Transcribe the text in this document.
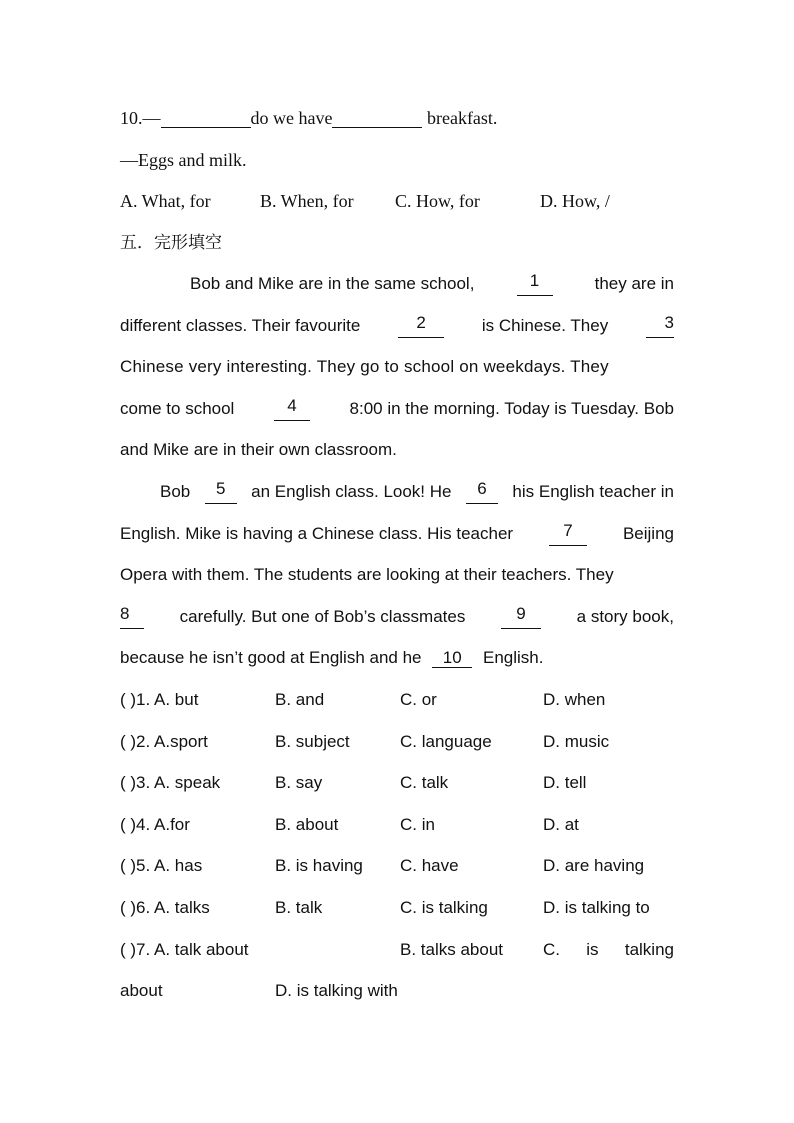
10.—	do we have	breakfast.
—Eggs and milk.
A. What, for	B. When, for C. How, for	D. How, /
五．完形填空
Bob and Mike are in the same school,	1	they are in
different classes. Their favourite	2	is Chinese. They	3
Chinese very interesting. They go to school on weekdays. They
come to school	4	8:00 in the morning. Today is Tuesday. Bob
and Mike are in their own classroom.
Bob	5	an English class. Look! He	6	his English teacher in
English. Mike is having a Chinese class. His teacher	7	Beijing
Opera with them. The students are looking at their teachers. They
8	carefully. But one of Bob’s classmates	9	a story book,
because he isn’t good at English and he 10 English.
( )1. A. but	B. and	C. or	D. when
( )2. A.sport	B. subject	C. language	D. music
( )3. A. speak	B. say	C. talk	D. tell
( )4. A.for	B. about	C. in	D. at
( )5. A. has	B. is having C. have	D. are having
( )6. A. talks	B. talk	C. is talking	D. is talking to
( )7. A. talk about	B. talks about C. is talking
about	D. is talking with
